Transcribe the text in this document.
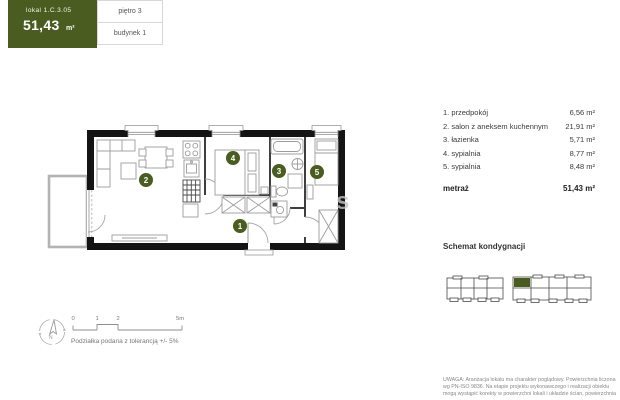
lokal 1.C.3.05
51,43 m²
piętro 3
budynek 1
1
2
3
4
5
s
1. przedpokój	6,56 m²
2. salon z aneksem kuchennym 21,91 m²
3. łazienka	5,71 m²
4. sypialnia	8,77 m²
5. sypialnia	8,48 m²
metraż	51,43 m²
Schemat kondygnacji
N
0	1	2	5m
Podziałka podana z tolerancją +/- 5%
UWAGA: Aranżacja lokalu ma charakter poglądowy. Powierzchnia liczona
wg PN-ISO 9836. Na etapie projektu wykonawczego i realizacji obiektu
mogą wystąpić korekty w powierzchni lokali i układzie ścian, powierzchnia
